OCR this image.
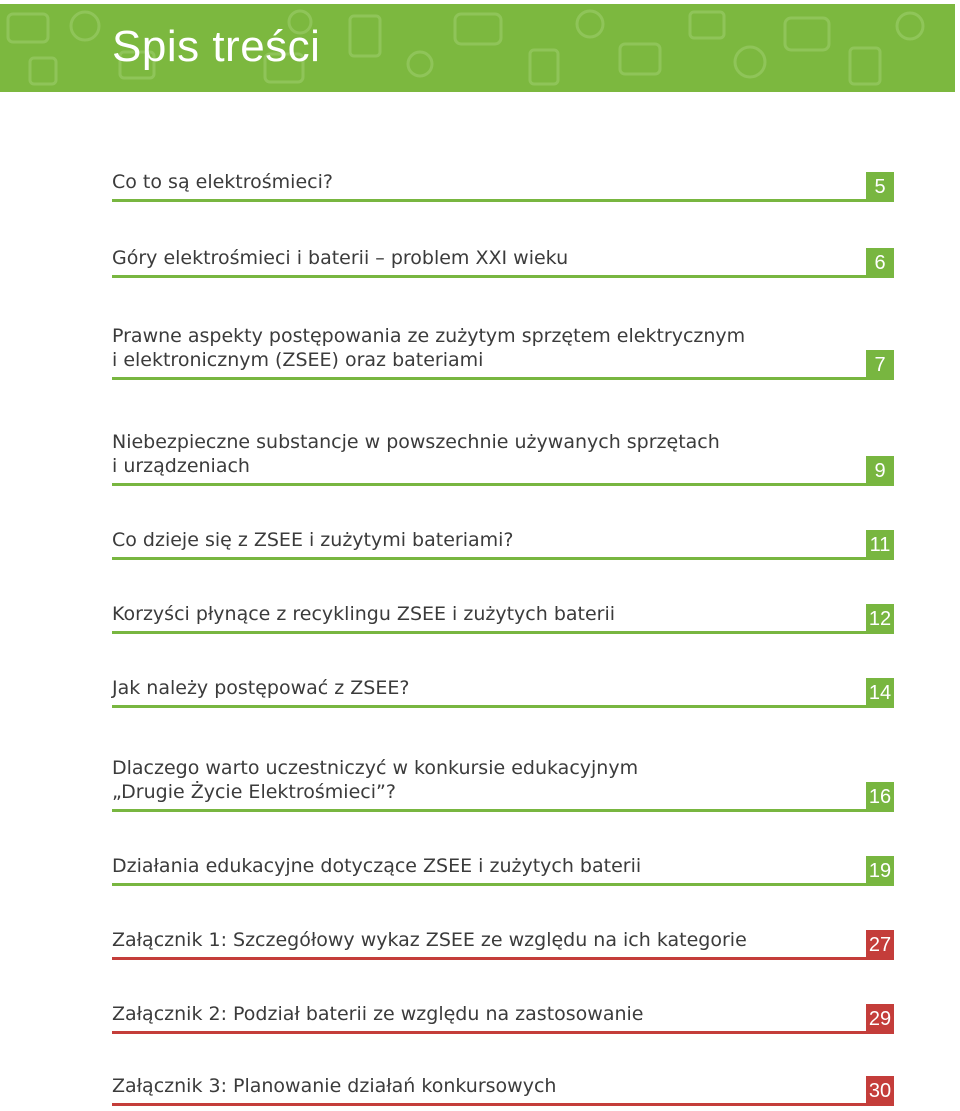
Spis treści
Co to są elektrośmieci?	5
Góry elektrośmieci i baterii – problem XXI wieku	6
Prawne aspekty postępowania ze zużytym sprzętem elektrycznym
i elektronicznym (ZSEE) oraz bateriami	7
Niebezpieczne substancje w powszechnie używanych sprzętach
i urządzeniach	9
Co dzieje się z ZSEE i zużytymi bateriami?	11
Korzyści płynące z recyklingu ZSEE i zużytych baterii	12
Jak należy postępować z ZSEE?	14
Dlaczego warto uczestniczyć w konkursie edukacyjnym
„Drugie Życie Elektrośmieci”?	16
Działania edukacyjne dotyczące ZSEE i zużytych baterii	19
Załącznik 1: Szczegółowy wykaz ZSEE ze względu na ich kategorie	27
Załącznik 2: Podział baterii ze względu na zastosowanie	29
Załącznik 3: Planowanie działań konkursowych	30
